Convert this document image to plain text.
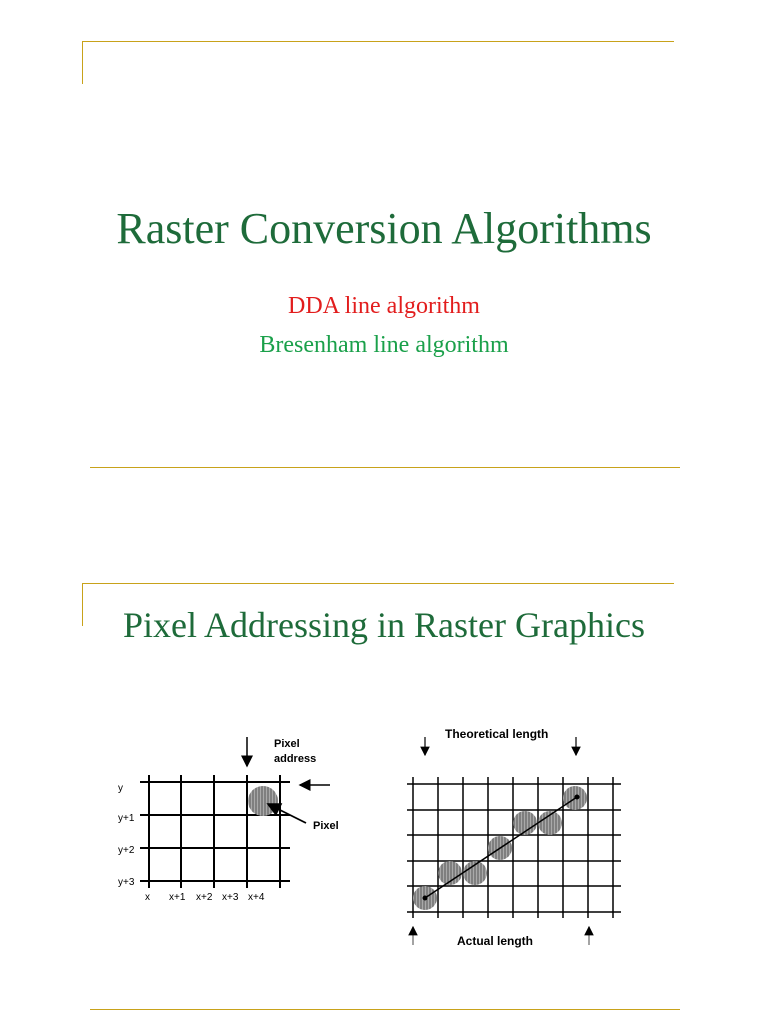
Raster Conversion Algorithms
DDA line algorithm
Bresenham line algorithm
Pixel Addressing in Raster Graphics
y
y+1
y+2
y+3
x x+1 x+2 x+3 x+4
Pixel
address
Pixel
Theoretical length
Actual length
